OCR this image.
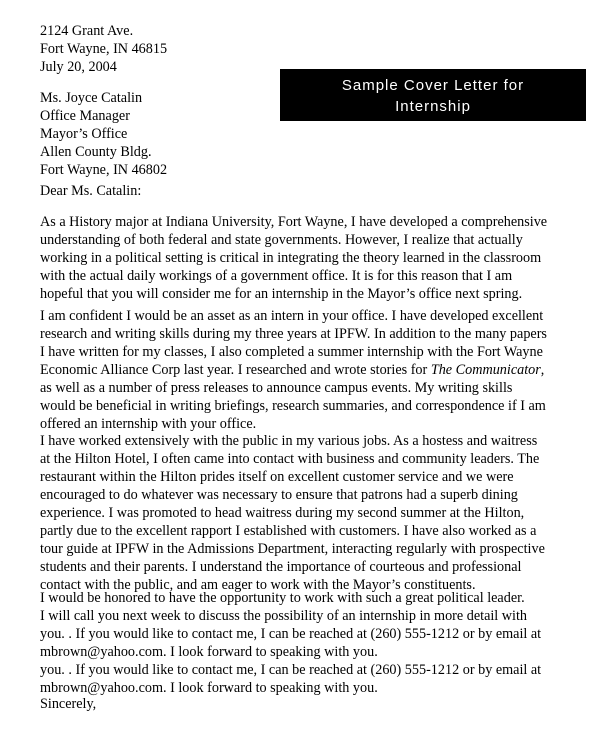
2124 Grant Ave.
Fort Wayne, IN 46815
July 20, 2004
Sample Cover Letter for
Internship
Ms. Joyce Catalin
Office Manager
Mayor’s Office
Allen County Bldg.
Fort Wayne, IN 46802
Dear Ms. Catalin:
As a History major at Indiana University, Fort Wayne, I have developed a comprehensive
understanding of both federal and state governments. However, I realize that actually
working in a political setting is critical in integrating the theory learned in the classroom
with the actual daily workings of a government office. It is for this reason that I am
hopeful that you will consider me for an internship in the Mayor’s office next spring.
I am confident I would be an asset as an intern in your office. I have developed excellent
research and writing skills during my three years at IPFW. In addition to the many papers
I have written for my classes, I also completed a summer internship with the Fort Wayne
Economic Alliance Corp last year. I researched and wrote stories for The Communicator,
as well as a number of press releases to announce campus events. My writing skills
would be beneficial in writing briefings, research summaries, and correspondence if I am
offered an internship with your office.
I have worked extensively with the public in my various jobs. As a hostess and waitress
at the Hilton Hotel, I often came into contact with business and community leaders. The
restaurant within the Hilton prides itself on excellent customer service and we were
encouraged to do whatever was necessary to ensure that patrons had a superb dining
experience. I was promoted to head waitress during my second summer at the Hilton,
partly due to the excellent rapport I established with customers. I have also worked as a
tour guide at IPFW in the Admissions Department, interacting regularly with prospective
students and their parents. I understand the importance of courteous and professional
contact with the public, and am eager to work with the Mayor’s constituents.
I would be honored to have the opportunity to work with such a great political leader.
I will call you next week to discuss the possibility of an internship in more detail with
you. . If you would like to contact me, I can be reached at (260) 555-1212 or by email at
mbrown@yahoo.com. I look forward to speaking with you.
you. . If you would like to contact me, I can be reached at (260) 555-1212 or by email at
mbrown@yahoo.com. I look forward to speaking with you.
Sincerely,
